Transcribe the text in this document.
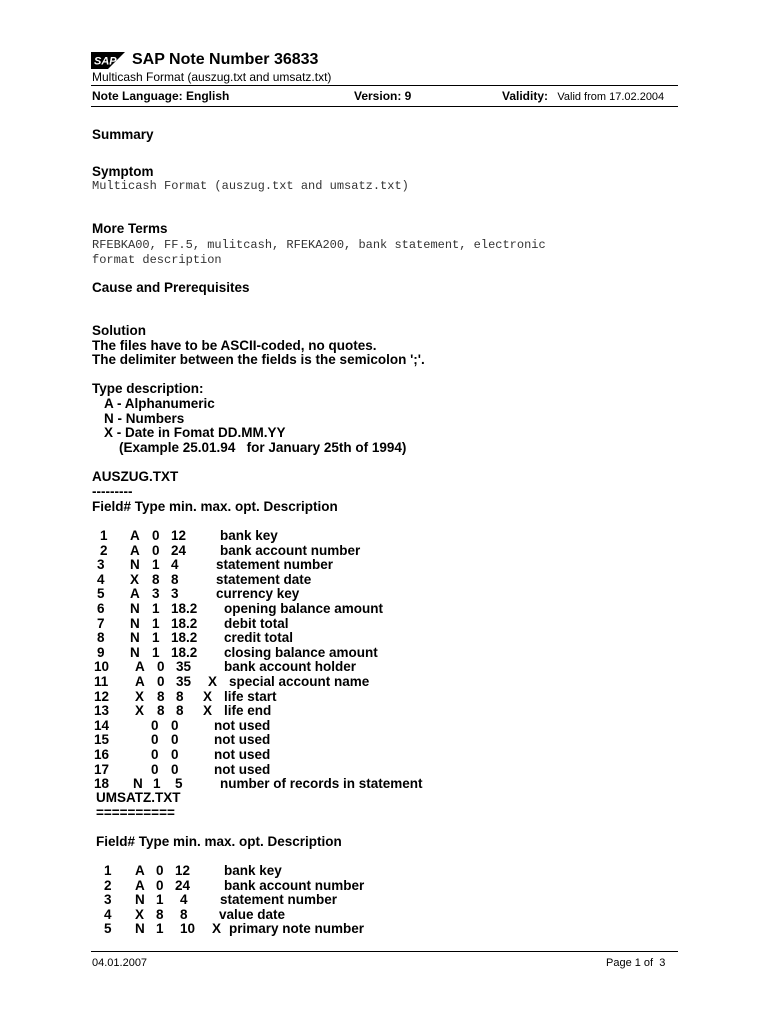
SAP SAP Note Number 36833
Multicash Format (auszug.txt and umsatz.txt)
Note Language: English	Version: 9	Validity: Valid from 17.02.2004
Summary
Symptom
Multicash Format (auszug.txt and umsatz.txt)
More Terms
RFEBKA00, FF.5, mulitcash, RFEKA200, bank statement, electronic
format description
Cause and Prerequisites
Solution
The files have to be ASCII-coded, no quotes.
The delimiter between the fields is the semicolon ';'.
Type description:
A - Alphanumeric
N - Numbers
X - Date in Fomat DD.MM.YY
(Example 25.01.94   for January 25th of 1994)
AUSZUG.TXT
---------
Field# Type min. max. opt. Description
1 A 0 12	bank key
2 A 0 24	bank account number
3 N 1 4	statement number
4 X 8 8	statement date
5 A 3 3	currency key
6 N 1 18.2 opening balance amount
7 N 1 18.2 debit total
8 N 1 18.2 credit total
9 N 1 18.2 closing balance amount
10 A 0 35 bank account holder
11 A 0 35 X special account name
12 X 8 8 X life start
13 X 8 8 X life end
14	0 0	not used
15	0 0	not used
16	0 0	not used
17	0 0	not used
18 N 1 5	number of records in statement
UMSATZ.TXT
==========
Field# Type min. max. opt. Description
1 A 0 12	bank key
2 A 0 24	bank account number
3 N 1 4 statement number
4 X 8 8 value date
5 N 1 10 X primary note number
04.01.2007	Page 1 of  3
